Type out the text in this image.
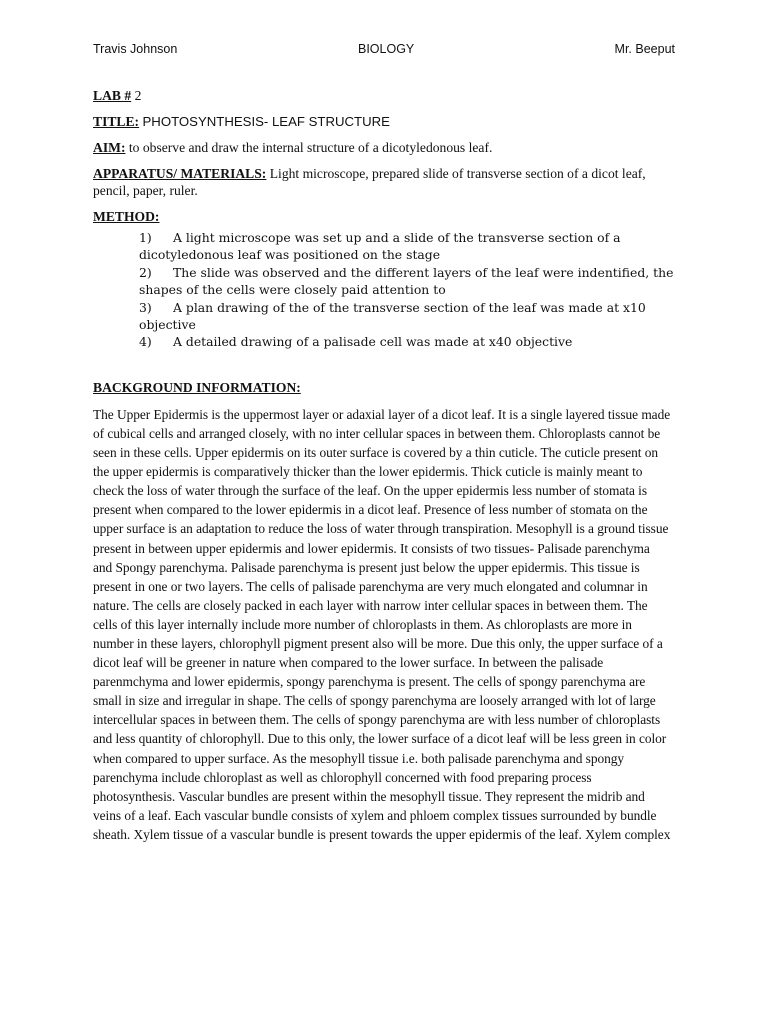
Travis Johnson	BIOLOGY	Mr. Beeput
LAB # 2
TITLE: PHOTOSYNTHESIS- LEAF STRUCTURE
AIM: to observe and draw the internal structure of a dicotyledonous leaf.
APPARATUS/ MATERIALS: Light microscope, prepared slide of transverse section of a dicot leaf, pencil, paper, ruler.
METHOD:
1) A light microscope was set up and a slide of the transverse section of a dicotyledonous leaf was positioned on the stage
2) The slide was observed and the different layers of the leaf were indentified, the shapes of the cells were closely paid attention to
3) A plan drawing of the of the transverse section of the leaf was made at x10 objective
4) A detailed drawing of a palisade cell was made at x40 objective
BACKGROUND INFORMATION:
The Upper Epidermis is the uppermost layer or adaxial layer of a dicot leaf. It is a single layered tissue made of cubical cells and arranged closely, with no inter cellular spaces in between them. Chloroplasts cannot be seen in these cells. Upper epidermis on its outer surface is covered by a thin cuticle. The cuticle present on the upper epidermis is comparatively thicker than the lower epidermis. Thick cuticle is mainly meant to check the loss of water through the surface of the leaf. On the upper epidermis less number of stomata is present when compared to the lower epidermis in a dicot leaf. Presence of less number of stomata on the upper surface is an adaptation to reduce the loss of water through transpiration. Mesophyll is a ground tissue present in between upper epidermis and lower epidermis. It consists of two tissues- Palisade parenchyma and Spongy parenchyma. Palisade parenchyma is present just below the upper epidermis. This tissue is present in one or two layers. The cells of palisade parenchyma are very much elongated and columnar in nature. The cells are closely packed in each layer with narrow inter cellular spaces in between them. The cells of this layer internally include more number of chloroplasts in them. As chloroplasts are more in number in these layers, chlorophyll pigment present also will be more. Due this only, the upper surface of a dicot leaf will be greener in nature when compared to the lower surface. In between the palisade parenmchyma and lower epidermis, spongy parenchyma is present. The cells of spongy parenchyma are small in size and irregular in shape. The cells of spongy parenchyma are loosely arranged with lot of large intercellular spaces in between them. The cells of spongy parenchyma are with less number of chloroplasts and less quantity of chlorophyll. Due to this only, the lower surface of a dicot leaf will be less green in color when compared to upper surface. As the mesophyll tissue i.e. both palisade parenchyma and spongy parenchyma include chloroplast as well as chlorophyll concerned with food preparing process photosynthesis. Vascular bundles are present within the mesophyll tissue. They represent the midrib and veins of a leaf. Each vascular bundle consists of xylem and phloem complex tissues surrounded by bundle sheath. Xylem tissue of a vascular bundle is present towards the upper epidermis of the leaf. Xylem complex
